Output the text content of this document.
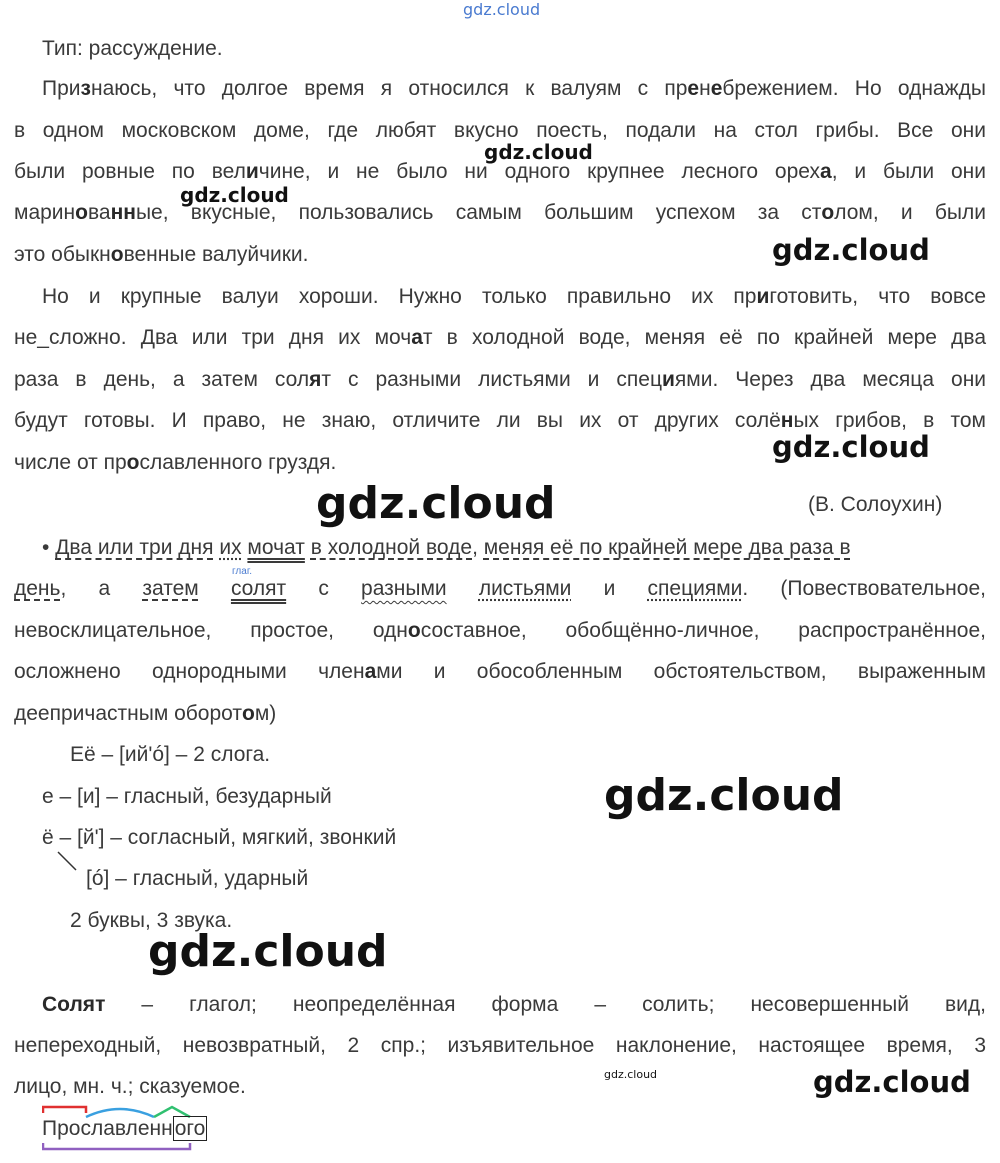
gdz.cloud
gdz.cloud
gdz.cloud
gdz.cloud
gdz.cloud
gdz.cloud
gdz.cloud
gdz.cloud
gdz.cloud	gdz.cloud
Тип: рассуждение.
Признаюсь, что долгое время я относился к валуям с пренебрежением. Но однажды
в одном московском доме, где любят вкусно поесть, подали на стол грибы. Все они
были ровные по величине, и не было ни одного крупнее лесного ореха, и были они
маринованные, вкусные, пользовались самым большим успехом за столом, и были
это обыкновенные валуйчики.
Но и крупные валуи хороши. Нужно только правильно их приготовить, что вовсе
не_сложно. Два или три дня их мочат в холодной воде, меняя её по крайней мере два
раза в день, а затем солят с разными листьями и специями. Через два месяца они
будут готовы. И право, не знаю, отличите ли вы их от других солёных грибов, в том
числе от прославленного груздя.
(В. Солоухин)
• Два или три дня их мочат в холодной воде, меняя её по крайней мере два раза в
день, а затем солят с разными листьями и специями. (Повествовательное,
глаг.
невосклицательное, простое, односоставное, обобщённо-личное, распространённое,
осложнено однородными членами и обособленным обстоятельством, выраженным
деепричастным оборотом)
Её – [ий'ó] – 2 слога.
е – [и] – гласный, безударный
ё – [й'] – согласный, мягкий, звонкий
[ó] – гласный, ударный
2 буквы, 3 звука.
Солят – глагол; неопределённая форма – солить; несовершенный вид,
непереходный, невозвратный, 2 спр.; изъявительное наклонение, настоящее время, 3
лицо, мн. ч.; сказуемое.
Прославленного
